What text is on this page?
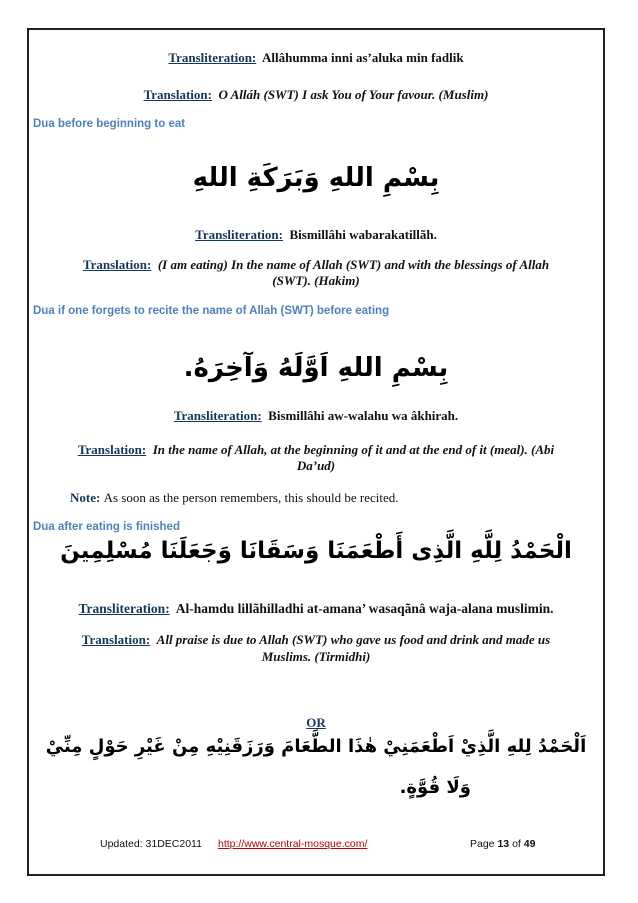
Transliteration: Allâhumma inni as’aluka min fadlik
Translation: O Alláh (SWT) I ask You of Your favour. (Muslim)
Dua before beginning to eat
بِسْمِ اللهِ وَبَرَكَةِ اللهِ
Transliteration: Bismillâhi wabarakatillãh.
Translation: (I am eating) In the name of Allah (SWT) and with the blessings of Allah
(SWT). (Hakim)
Dua if one forgets to recite the name of Allah (SWT) before eating
بِسْمِ اللهِ اَوَّلَهُ وَآخِرَهُ.
Transliteration: Bismillâhi aw-walahu wa âkhirah.
Translation: In the name of Allah, at the beginning of it and at the end of it (meal). (Abi
Da’ud)
Note: As soon as the person remembers, this should be recited.
Dua after eating is finished
الْحَمْدُ لِلَّهِ الَّذِى أَطْعَمَنَا وَسَقَانَا وَجَعَلَنَا مُسْلِمِينَ
Transliteration: Al-hamdu lillãhilladhi at-amana’ wasaqãnâ waja-alana muslimin.
Translation: All praise is due to Allah (SWT) who gave us food and drink and made us
Muslims. (Tirmidhi)
OR
اَلْحَمْدُ لِلهِ الَّذِيْ اَطْعَمَنِيْ هٰذَا الطَّعَامَ وَرَزَقَنِيْهِ مِنْ غَيْرِ حَوْلٍ مِنِّيْ
وَلَا قُوَّةٍ.
Updated: 31DEC2011 http://www.central-mosque.com/	Page 13 of 49
